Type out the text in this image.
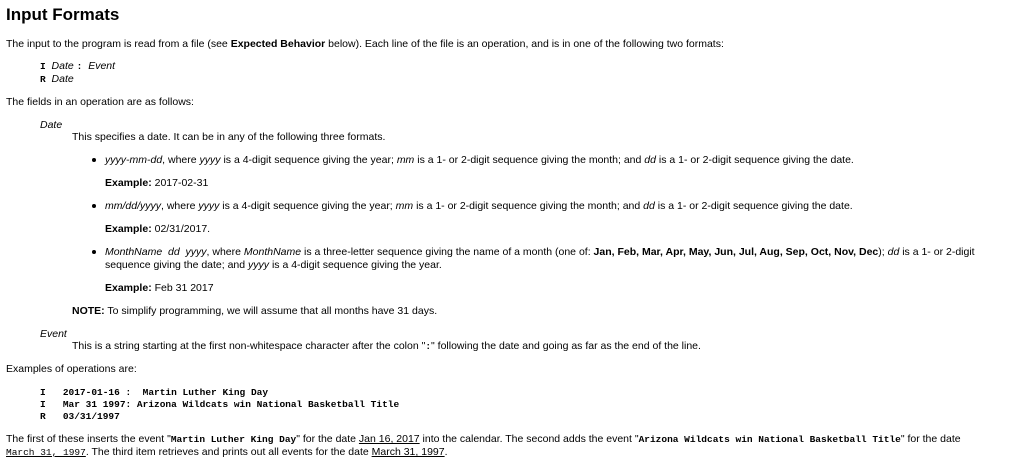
Input Formats
The input to the program is read from a file (see Expected Behavior below). Each line of the file is an operation, and is in one of the following two formats:
I Date : Event
R Date
The fields in an operation are as follows:
Date
This specifies a date. It can be in any of the following three formats.
yyyy-mm-dd, where yyyy is a 4-digit sequence giving the year; mm is a 1- or 2-digit sequence giving the month; and dd is a 1- or 2-digit sequence giving the date.
Example: 2017-02-31
mm/dd/yyyy, where yyyy is a 4-digit sequence giving the year; mm is a 1- or 2-digit sequence giving the month; and dd is a 1- or 2-digit sequence giving the date.
Example: 02/31/2017.
MonthName  dd  yyyy, where MonthName is a three-letter sequence giving the name of a month (one of: Jan, Feb, Mar, Apr, May, Jun, Jul, Aug, Sep, Oct, Nov, Dec); dd is a 1- or 2-digit
sequence giving the date; and yyyy is a 4-digit sequence giving the year.
Example: Feb 31 2017
NOTE: To simplify programming, we will assume that all months have 31 days.
Event
This is a string starting at the first non-whitespace character after the colon ":" following the date and going as far as the end of the line.
Examples of operations are:
I 2017-01-16 :  Martin Luther King Day
I Mar 31 1997: Arizona Wildcats win National Basketball Title
R 03/31/1997
The first of these inserts the event "Martin Luther King Day" for the date Jan 16, 2017 into the calendar. The second adds the event "Arizona Wildcats win National Basketball Title" for the date
March 31, 1997. The third item retrieves and prints out all events for the date March 31, 1997.
